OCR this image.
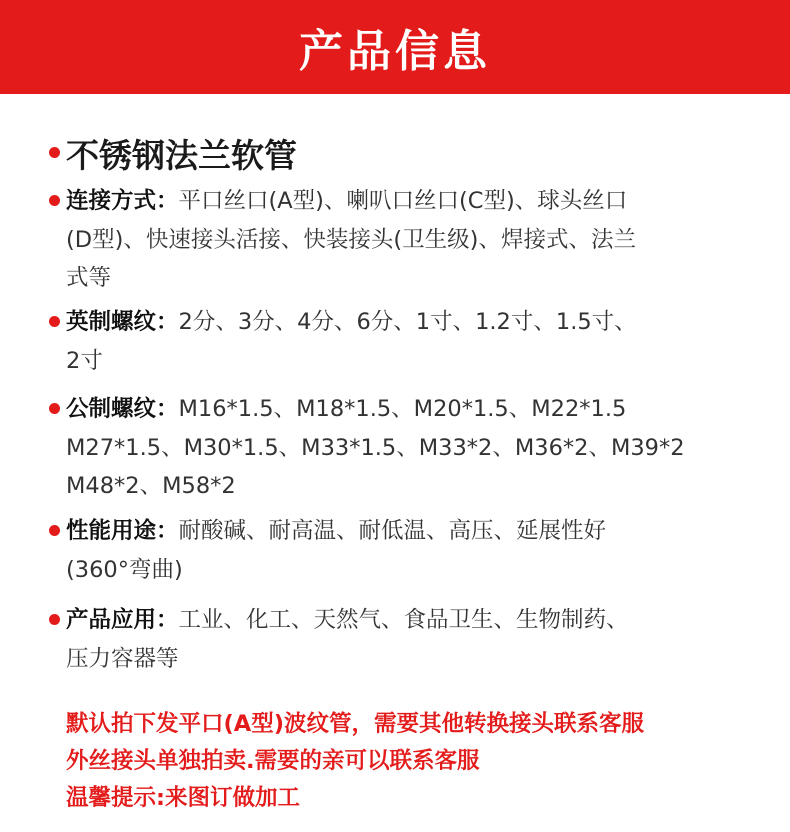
产品信息
不锈钢法兰软管
连接方式：平口丝口(A型)、喇叭口丝口(C型)、球头丝口
(D型)、快速接头活接、快装接头(卫生级)、焊接式、法兰
式等
英制螺纹：2分、3分、4分、6分、1寸、1.2寸、1.5寸、
2寸
公制螺纹：M16*1.5、M18*1.5、M20*1.5、M22*1.5
M27*1.5、M30*1.5、M33*1.5、M33*2、M36*2、M39*2
M48*2、M58*2
性能用途：耐酸碱、耐高温、耐低温、高压、延展性好
(360°弯曲)
产品应用：工业、化工、天然气、食品卫生、生物制药、
压力容器等
默认拍下发平口(A型)波纹管，需要其他转换接头联系客服
外丝接头单独拍卖.需要的亲可以联系客服
温馨提示:来图订做加工
